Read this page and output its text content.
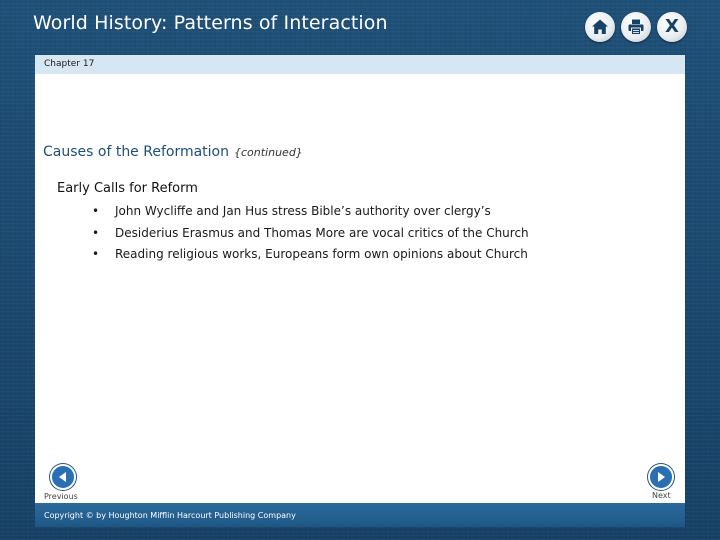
World History: Patterns of Interaction	X
Chapter 17
Causes of the Reformation {continued}
Early Calls for Reform
• John Wycliffe and Jan Hus stress Bible’s authority over clergy’s
• Desiderius Erasmus and Thomas More are vocal critics of the Church
• Reading religious works, Europeans form own opinions about Church
Previous	Next
Copyright © by Houghton Mifflin Harcourt Publishing Company
